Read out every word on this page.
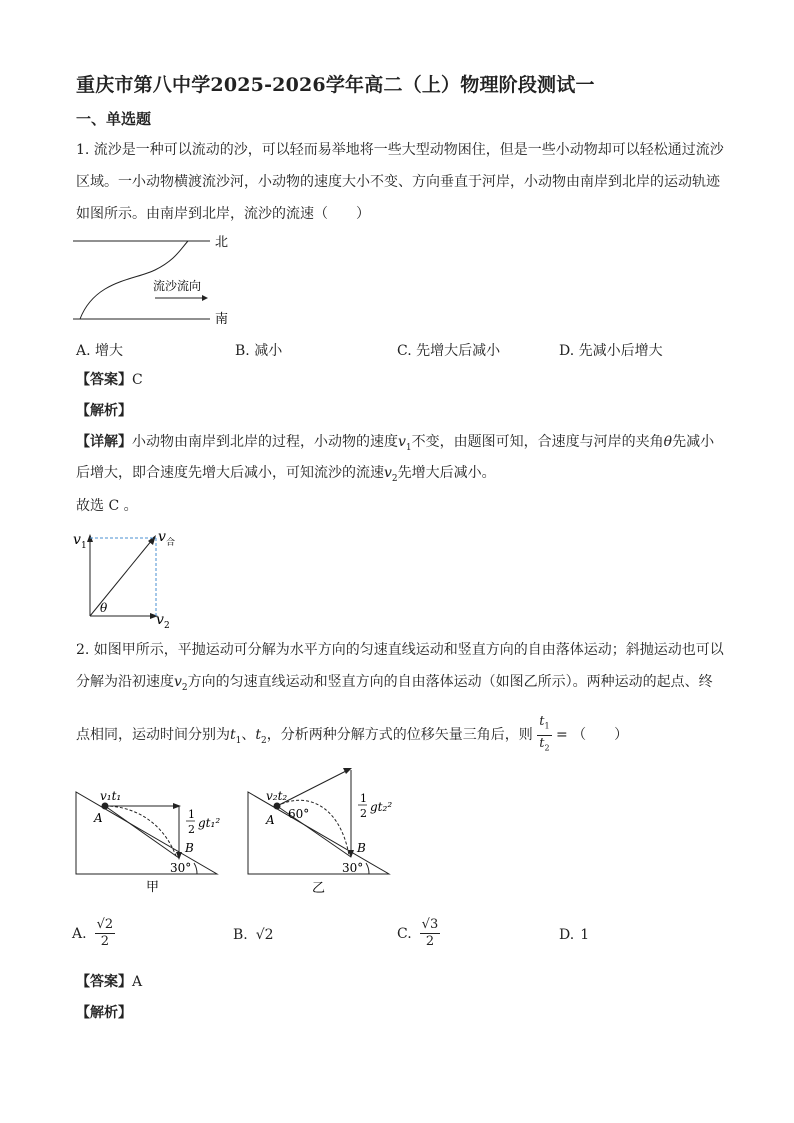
重庆市第八中学2025-2026学年高二（上）物理阶段测试一
一、单选题
1. 流沙是一种可以流动的沙，可以轻而易举地将一些大型动物困住，但是一些小动物却可以轻松通过流沙
区域。一小动物横渡流沙河，小动物的速度大小不变、方向垂直于河岸，小动物由南岸到北岸的运动轨迹
如图所示。由南岸到北岸，流沙的流速（　　）
北
南
流沙流向
A. 增大	B. 减小	C. 先增大后减小	D. 先减小后增大
【答案】C
【解析】
【详解】小动物由南岸到北岸的过程，小动物的速度$v_1$不变，由题图可知，合速度与河岸的夹角θ先减小
后增大，即合速度先增大后减小，可知流沙的流速$v_2$先增大后减小。
故选 C 。
v 1
v 合
v 2
θ
2. 如图甲所示，平抛运动可分解为水平方向的匀速直线运动和竖直方向的自由落体运动；斜抛运动也可以
分解为沿初速度$v_2$方向的匀速直线运动和竖直方向的自由落体运动（如图乙所示）。两种运动的起点、终
点相同，运动时间分别为$t_1$、$t_2$，分析两种分解方式的位移矢量三角后，则 $\frac{t_1}{t_2}$ = （　　）
v₁t₁
A
B
30°
1
2 gt₁²
甲
v₂t₂
A 60°
B
30°
1
2 gt₂²
乙
A. $\frac{√2}{2}$	B. √2	C. $\frac{√3}{2}$	D. 1
【答案】A
【解析】
